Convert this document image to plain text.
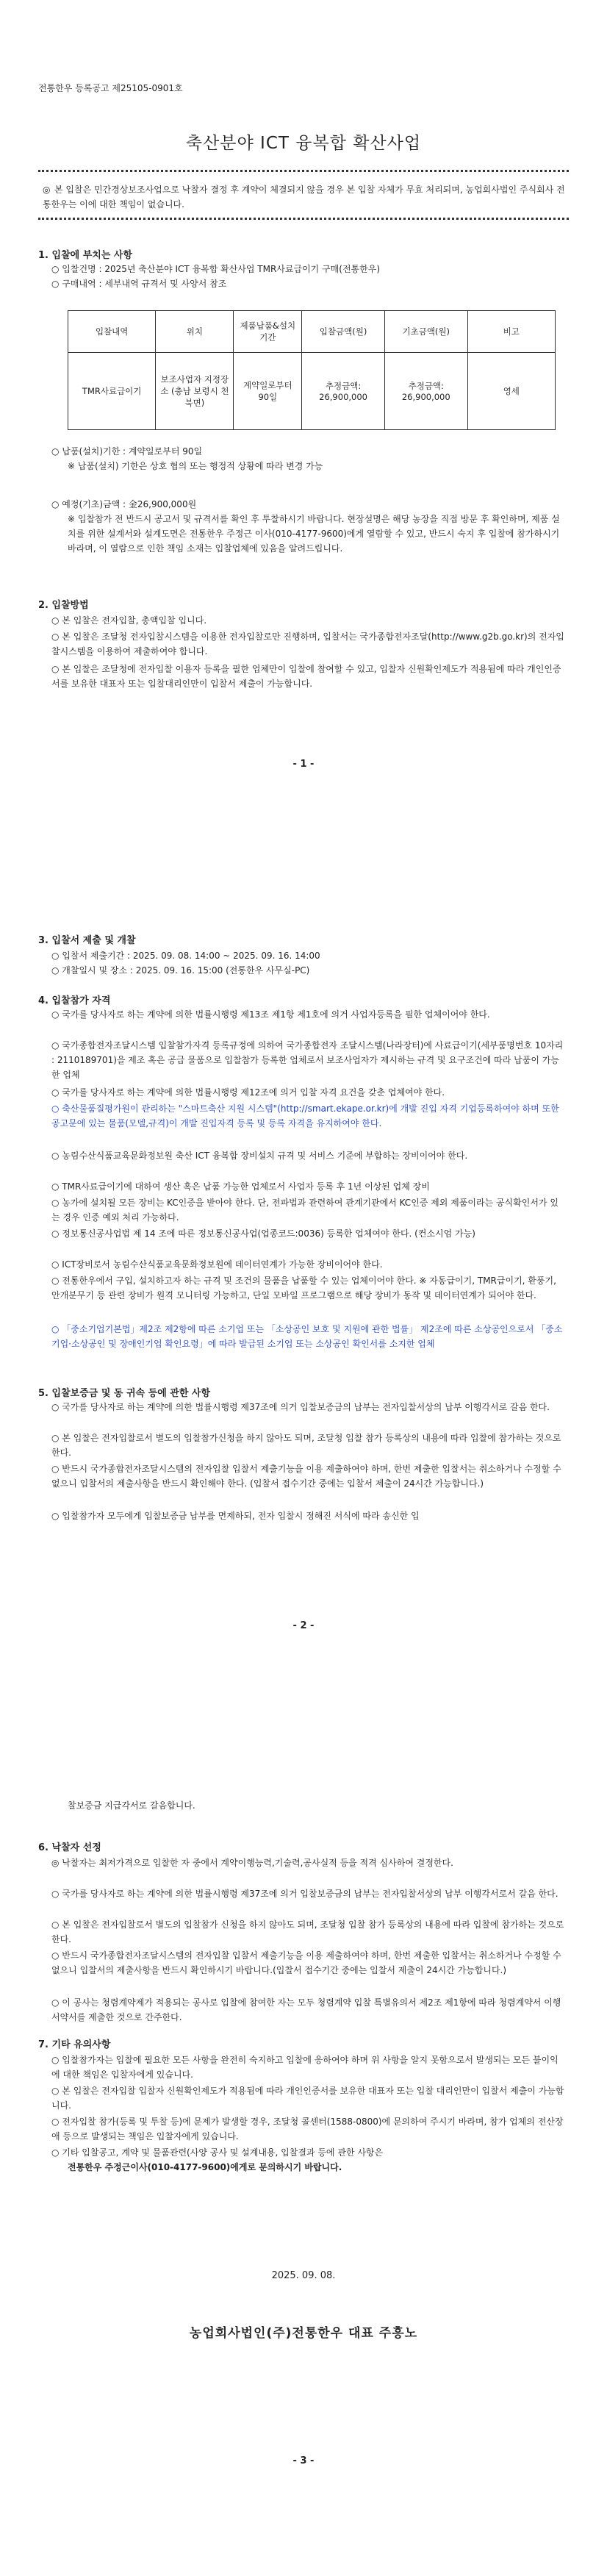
전통한우 등록공고 제25105-0901호
축산분야 ICT 융복합 확산사업
◎ 본 입찰은 민간경상보조사업으로 낙찰자 결정 후 계약이 체결되지 않을 경우 본 입찰 자체가 무효 처리되며, 농업회사법인 주식회사 전통한우는 이에 대한 책임이 없습니다.
1. 입찰에 부치는 사항
○ 입찰건명 : 2025년 축산분야 ICT 융복합 확산사업 TMR사료급이기 구매(전통한우)
○ 구매내역 : 세부내역 규격서 및 사양서 참조
입찰내역	위치	제품납품&설치기간	입찰금액(원)	기초금액(원)	비고
TMR사료급이기	보조사업자 지정장소 (충남 보령시 천북면)	계약일로부터 90일	추정금액: 26,900,000	추정금액: 26,900,000	영세
○ 납품(설치)기한 : 계약일로부터 90일
※ 납품(설치) 기한은 상호 협의 또는 행정적 상황에 따라 변경 가능
○ 예정(기초)금액 : 金26,900,000원
※ 입찰참가 전 반드시 공고서 및 규격서를 확인 후 투찰하시기 바랍니다. 현장설명은 해당 농장을 직접 방문 후 확인하며, 제품 설치를 위한 설계서와 설계도면은 전통한우 주정근 이사(010-4177-9600)에게 열람할 수 있고, 반드시 숙지 후 입찰에 참가하시기 바라며, 이 열람으로 인한 책임 소재는 입찰업체에 있음을 알려드립니다.
2. 입찰방법
○ 본 입찰은 전자입찰, 총액입찰 입니다.
○ 본 입찰은 조달청 전자입찰시스템을 이용한 전자입찰로만 진행하며, 입찰서는 국가종합전자조달(http://www.g2b.go.kr)의 전자입찰시스템을 이용하여 제출하여야 합니다.
○ 본 입찰은 조달청에 전자입찰 이용자 등록을 필한 업체만이 입찰에 참여할 수 있고, 입찰자 신원확인제도가 적용됨에 따라 개인인증서를 보유한 대표자 또는 입찰대리인만이 입찰서 제출이 가능합니다.
- 1 -
3. 입찰서 제출 및 개찰
○ 입찰서 제출기간 : 2025. 09. 08. 14:00 ~ 2025. 09. 16. 14:00
○ 개찰일시 및 장소 : 2025. 09. 16. 15:00 (전통한우 사무실-PC)
4. 입찰참가 자격
○ 국가를 당사자로 하는 계약에 의한 법률시행령 제13조 제1항 제1호에 의거 사업자등록을 필한 업체이어야 한다.
○ 국가종합전자조달시스템 입찰참가자격 등록규정에 의하여 국가종합전자 조달시스템(나라장터)에 사료급이기(세부품명번호 10자리 : 2110189701)을 제조 혹은 공급 물품으로 입찰참가 등록한 업체로서 보조사업자가 제시하는 규격 및 요구조건에 따라 납품이 가능한 업체
○ 국가를 당사자로 하는 계약에 의한 법률시행령 제12조에 의거 입찰 자격 요건을 갖춘 업체여야 한다.
○ 축산물품질평가원이 관리하는 "스마트축산 지원 시스템"(http://smart.ekape.or.kr)에 개발 진입 자격 기업등록하여야 하며 또한 공고문에 있는 물품(모델,규격)이 개발 진입자격 등록 및 등록 자격을 유지하여야 한다.
○ 농림수산식품교육문화정보원 축산 ICT 융복합 장비설치 규격 및 서비스 기준에 부합하는 장비이어야 한다.
○ TMR사료급이기에 대하여 생산 혹은 납품 가능한 업체로서 사업자 등록 후 1년 이상된 업체 장비
○ 농가에 설치될 모든 장비는 KC인증을 받아야 한다. 단, 전파법과 관련하여 관계기관에서 KC인증 제외 제품이라는 공식확인서가 있는 경우 인증 예외 처리 가능하다.
○ 정보통신공사업법 제 14 조에 따른 정보통신공사업(업종코드:0036) 등록한 업체여야 한다. (컨소시엄 가능)
○ ICT장비로서 농림수산식품교육문화정보원에 데이터연계가 가능한 장비이어야 한다.
○ 전통한우에서 구입, 설치하고자 하는 규격 및 조건의 물품을 납품할 수 있는 업체이어야 한다. ※ 자동급이기, TMR급이기, 환풍기, 안개분무기 등 관련 장비가 원격 모니터링 가능하고, 단일 모바일 프로그램으로 해당 장비가 동작 및 데이터연계가 되어야 한다.
○ 「중소기업기본법」제2조 제2항에 따른 소기업 또는 「소상공인 보호 및 지원에 관한 법률」 제2조에 따른 소상공인으로서 「중소기업·소상공인 및 장애인기업 확인요령」에 따라 발급된 소기업 또는 소상공인 확인서를 소지한 업체
5. 입찰보증금 및 동 귀속 등에 관한 사항
○ 국가를 당사자로 하는 계약에 의한 법률시행령 제37조에 의거 입찰보증금의 납부는 전자입찰서상의 납부 이행각서로 갈음 한다.
○ 본 입찰은 전자입찰로서 별도의 입찰참가신청을 하지 않아도 되며, 조달청 입찰 참가 등록상의 내용에 따라 입찰에 참가하는 것으로 한다.
○ 반드시 국가종합전자조달시스템의 전자입찰 입찰서 제출기능을 이용 제출하여야 하며, 한번 제출한 입찰서는 취소하거나 수정할 수 없으니 입찰서의 제출사항을 반드시 확인해야 한다. (입찰서 접수기간 중에는 입찰서 제출이 24시간 가능합니다.)
○ 입찰참가자 모두에게 입찰보증금 납부를 면제하되, 전자 입찰시 정해진 서식에 따라 송신한 입
- 2 -
찰보증금 지급각서로 갈음합니다.
6. 낙찰자 선정
◎ 낙찰자는 최저가격으로 입찰한 자 중에서 계약이행능력,기술력,공사실적 등을 적격 심사하여 결정한다.
○ 국가를 당사자로 하는 계약에 의한 법률시행령 제37조에 의거 입찰보증금의 납부는 전자입찰서상의 납부 이행각서로서 갈음 한다.
○ 본 입찰은 전자입찰로서 별도의 입찰참가 신청을 하지 않아도 되며, 조달청 입찰 참가 등록상의 내용에 따라 입찰에 참가하는 것으로 한다.
○ 반드시 국가종합전자조달시스템의 전자입찰 입찰서 제출기능을 이용 제출하여야 하며, 한번 제출한 입찰서는 취소하거나 수정할 수 없으니 입찰서의 제출사항을 반드시 확인하시기 바랍니다.(입찰서 접수기간 중에는 입찰서 제출이 24시간 가능합니다.)
○ 이 공사는 청렴계약제가 적용되는 공사로 입찰에 참여한 자는 모두 청렴계약 입찰 특별유의서 제2조 제1항에 따라 청렴계약서 이행서약서를 제출한 것으로 간주한다.
7. 기타 유의사항
○ 입찰참가자는 입찰에 필요한 모든 사항을 완전히 숙지하고 입찰에 응하여야 하며 위 사항을 알지 못함으로서 발생되는 모든 불이익에 대한 책임은 입찰자에게 있습니다.
○ 본 입찰은 전자입찰 입찰자 신원확인제도가 적용됨에 따라 개인인증서를 보유한 대표자 또는 입찰 대리인만이 입찰서 제출이 가능합니다.
○ 전자입찰 참가(등록 및 투찰 등)에 문제가 발생할 경우, 조달청 콜센터(1588-0800)에 문의하여 주시기 바라며, 참가 업체의 전산장애 등으로 발생되는 책임은 입찰자에게 있습니다.
○ 기타 입찰공고, 계약 및 물품관련(사양 공사 및 설계내용, 입찰결과 등에 관한 사항은
전통한우 주정근이사(010-4177-9600)에게로 문의하시기 바랍니다.
2025. 09. 08.
농업회사법인(주)전통한우 대표 주흥노
- 3 -
